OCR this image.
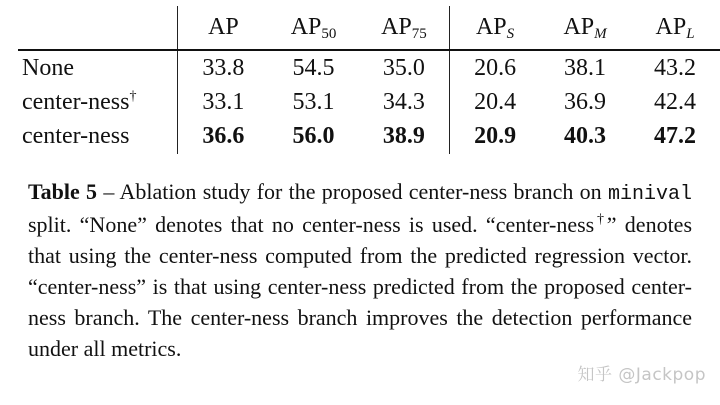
	AP	$AP_{50}$	$AP_{75}$	$AP_S$	$AP_M$	$AP_L$
None	33.8	54.5	35.0	20.6	38.1	43.2
center-ness†	33.1	53.1	34.3	20.4	36.9	42.4
center-ness	36.6	56.0	38.9	20.9	40.3	47.2
Table 5 – Ablation study for the proposed center-ness branch on minival split. “None” denotes that no center-ness is used. “center-ness†” denotes that using the center-ness computed from the predicted regression vector. “center-ness” is that using center-ness predicted from the proposed center-ness branch. The center-ness branch improves the detection performance under all metrics.
知乎 @Jackpop
